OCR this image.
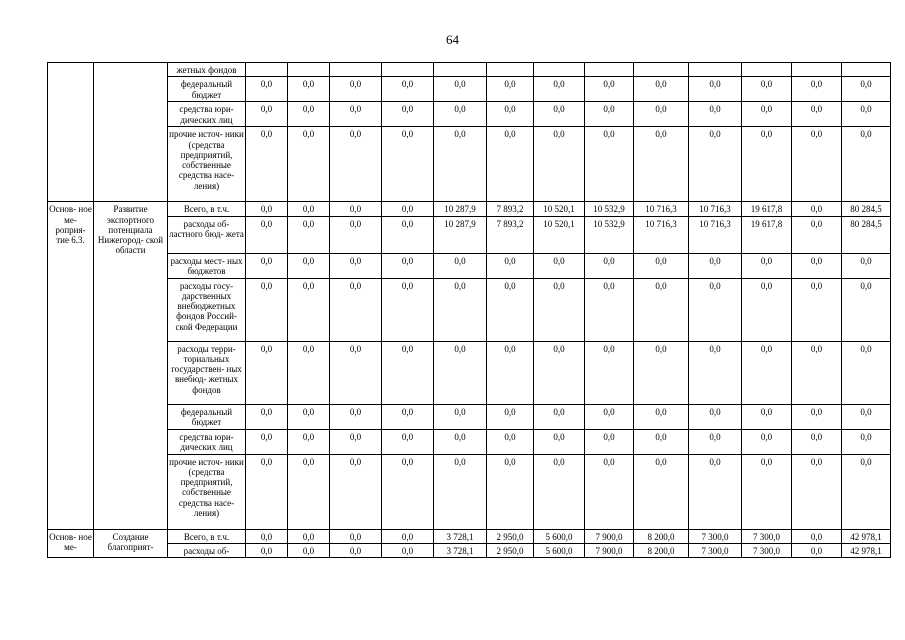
64
		жетных фондов													
		федеральный бюджет	0,0	0,0	0,0	0,0	0,0	0,0	0,0	0,0	0,0	0,0	0,0	0,0	0,0
		средства юри- дических лиц	0,0	0,0	0,0	0,0	0,0	0,0	0,0	0,0	0,0	0,0	0,0	0,0	0,0
		прочие источ- ники (средства предприятий, собственные средства насе- ления)	0,0	0,0	0,0	0,0	0,0	0,0	0,0	0,0	0,0	0,0	0,0	0,0	0,0
Основ- ное ме- роприя- тие 6.3.	Развитие экспортного потенциала Нижегород- ской области	Всего, в т.ч.	0,0	0,0	0,0	0,0	10 287,9	7 893,2	10 520,1	10 532,9	10 716,3	10 716,3	19 617,8	0,0	80 284,5
		расходы об- ластного бюд- жета	0,0	0,0	0,0	0,0	10 287,9	7 893,2	10 520,1	10 532,9	10 716,3	10 716,3	19 617,8	0,0	80 284,5
		расходы мест- ных бюджетов	0,0	0,0	0,0	0,0	0,0	0,0	0,0	0,0	0,0	0,0	0,0	0,0	0,0
		расходы госу- дарственных внебюджетных фондов Россий- ской Федерации	0,0	0,0	0,0	0,0	0,0	0,0	0,0	0,0	0,0	0,0	0,0	0,0	0,0
		расходы терри- ториальных государствен- ных внебюд- жетных фондов	0,0	0,0	0,0	0,0	0,0	0,0	0,0	0,0	0,0	0,0	0,0	0,0	0,0
		федеральный бюджет	0,0	0,0	0,0	0,0	0,0	0,0	0,0	0,0	0,0	0,0	0,0	0,0	0,0
		средства юри- дических лиц	0,0	0,0	0,0	0,0	0,0	0,0	0,0	0,0	0,0	0,0	0,0	0,0	0,0
		прочие источ- ники (средства предприятий, собственные средства насе- ления)	0,0	0,0	0,0	0,0	0,0	0,0	0,0	0,0	0,0	0,0	0,0	0,0	0,0
Основ- ное ме-	Создание благоприят-	Всего, в т.ч.	0,0	0,0	0,0	0,0	3 728,1	2 950,0	5 600,0	7 900,0	8 200,0	7 300,0	7 300,0	0,0	42 978,1
		расходы об-	0,0	0,0	0,0	0,0	3 728,1	2 950,0	5 600,0	7 900,0	8 200,0	7 300,0	7 300,0	0,0	42 978,1
